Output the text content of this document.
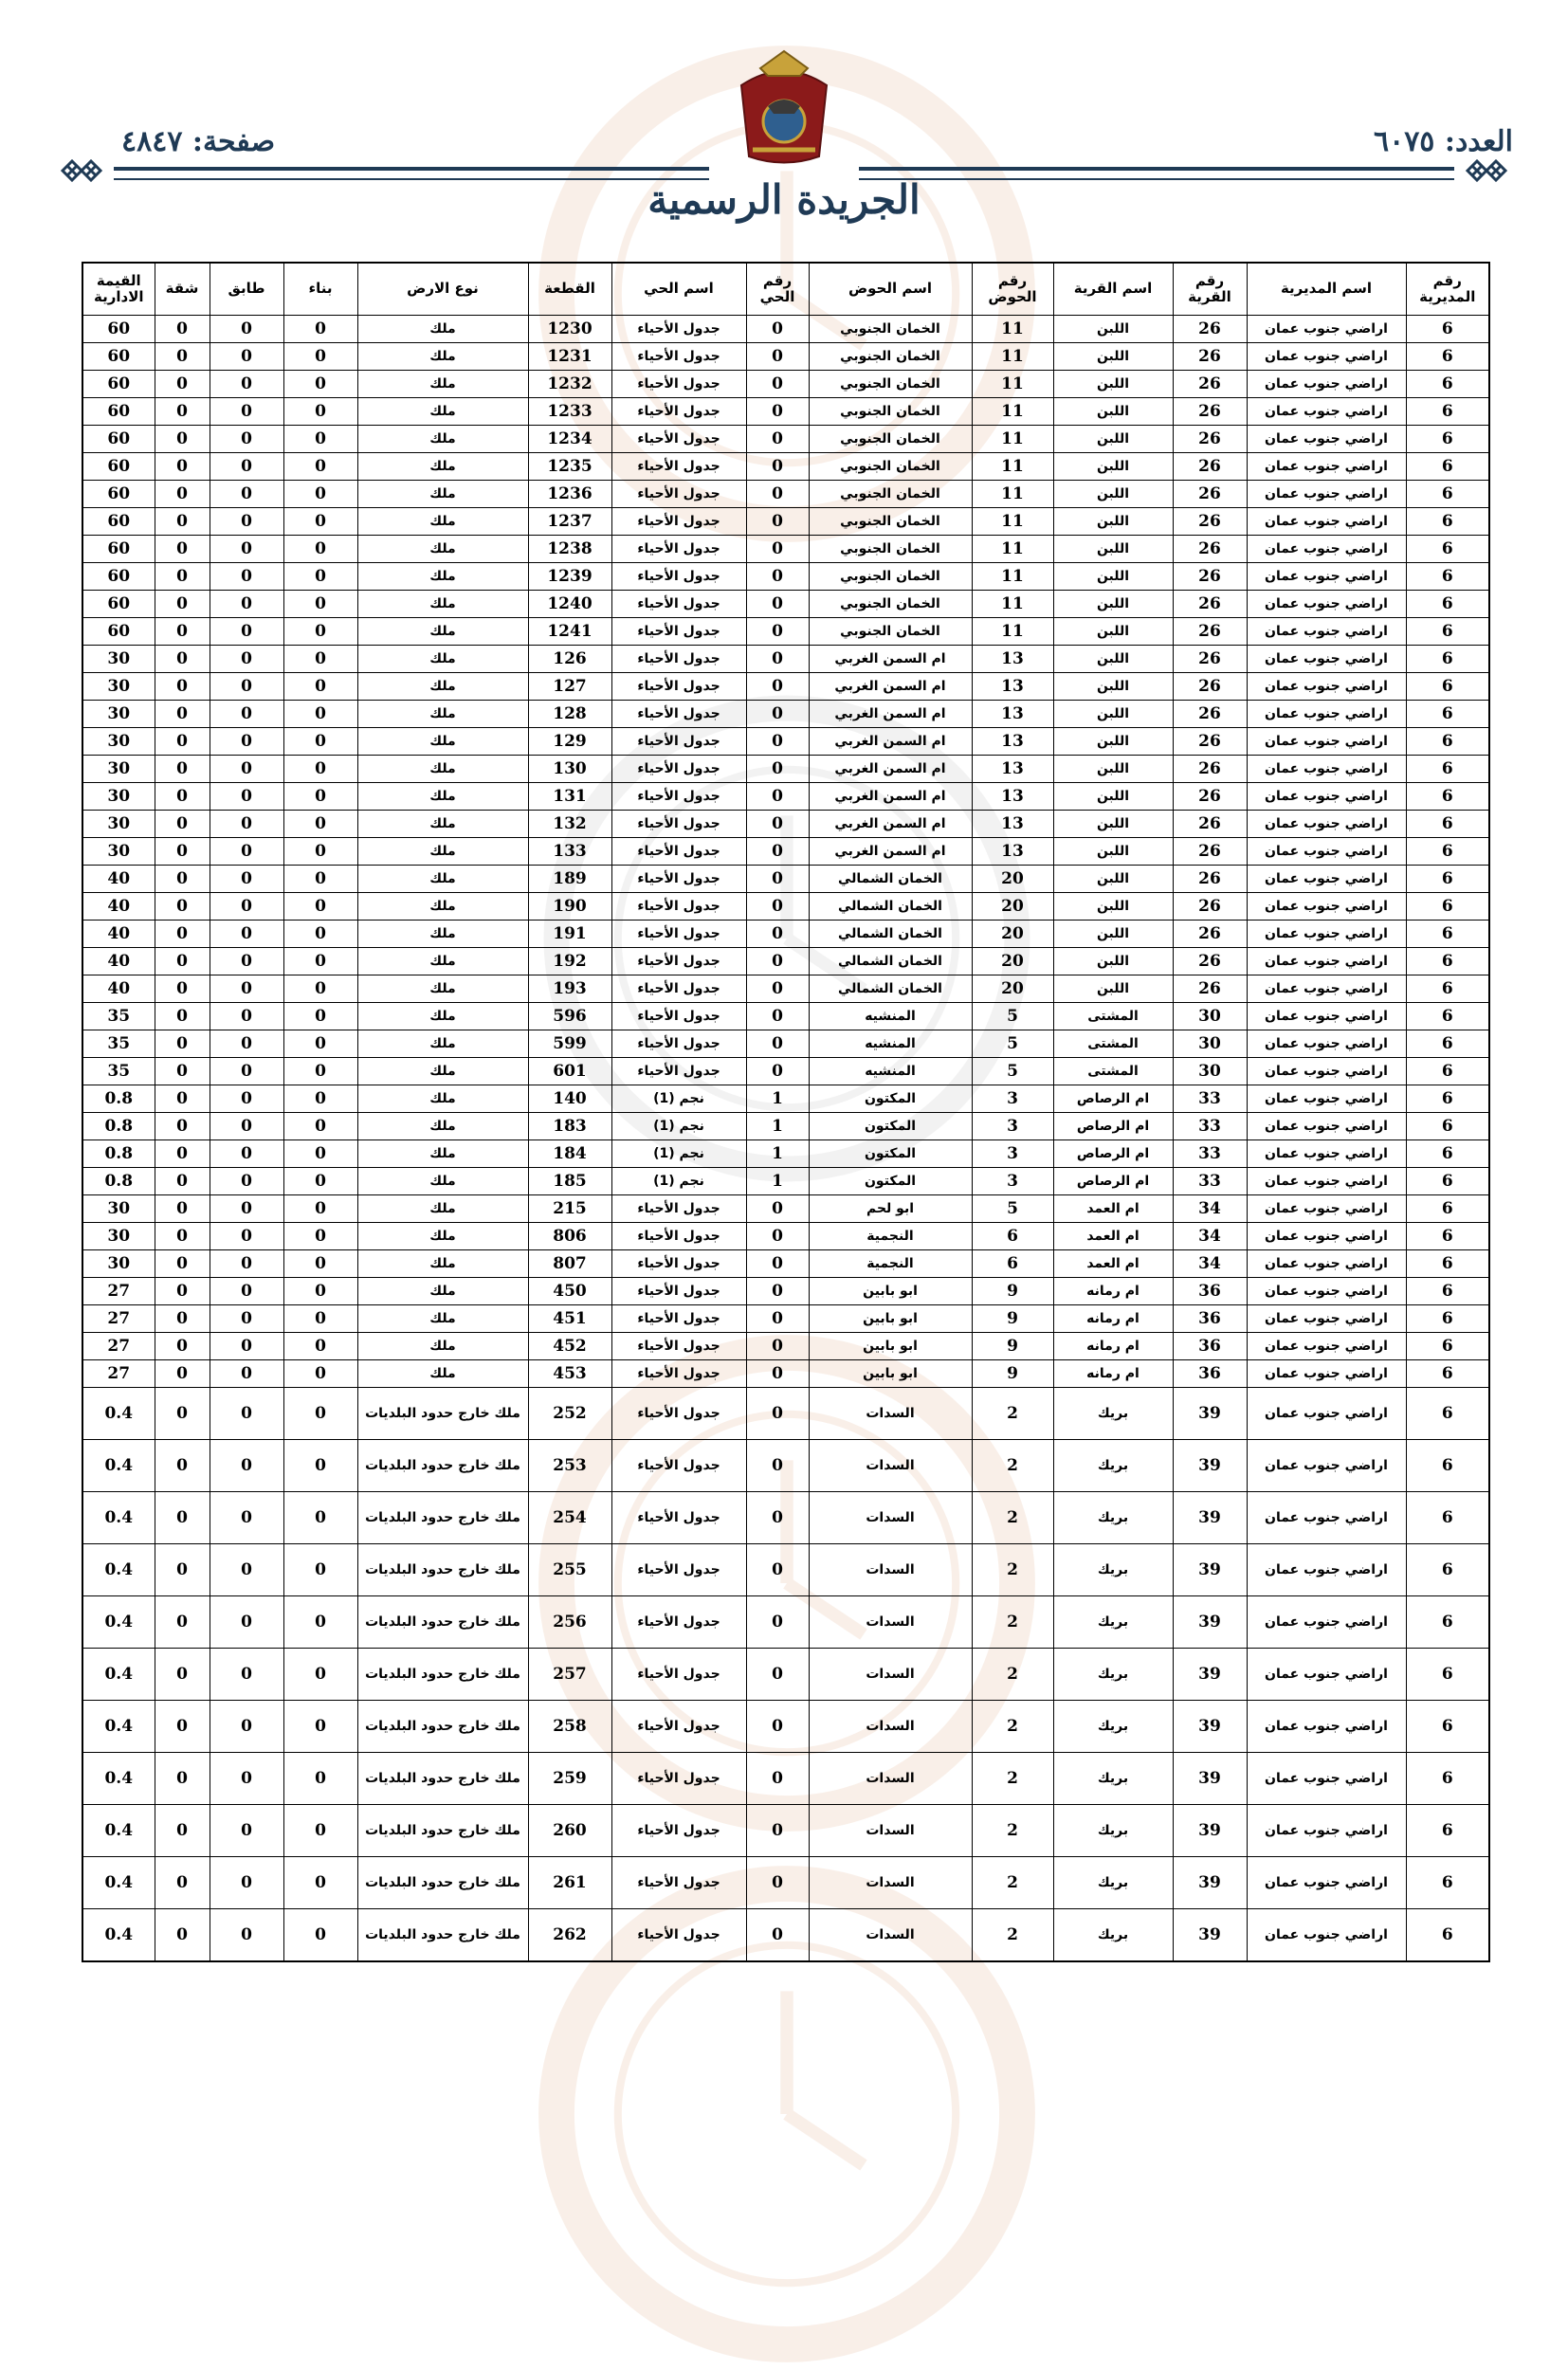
العدد: ٦٠٧٥
صفحة: ٤٨٤٧
الجريدة الرسمية
رقم المديرية	اسم المديرية	رقم القرية	اسم القرية	رقم الحوض	اسم الحوض	رقم الحي	اسم الحي	القطعة	نوع الارض	بناء	طابق	شقة	القيمة الادارية
6	اراضي جنوب عمان	26	اللبن	11	الخمان الجنوبي	0	جدول الأحياء	1230	ملك	0	0	0	60
6	اراضي جنوب عمان	26	اللبن	11	الخمان الجنوبي	0	جدول الأحياء	1231	ملك	0	0	0	60
6	اراضي جنوب عمان	26	اللبن	11	الخمان الجنوبي	0	جدول الأحياء	1232	ملك	0	0	0	60
6	اراضي جنوب عمان	26	اللبن	11	الخمان الجنوبي	0	جدول الأحياء	1233	ملك	0	0	0	60
6	اراضي جنوب عمان	26	اللبن	11	الخمان الجنوبي	0	جدول الأحياء	1234	ملك	0	0	0	60
6	اراضي جنوب عمان	26	اللبن	11	الخمان الجنوبي	0	جدول الأحياء	1235	ملك	0	0	0	60
6	اراضي جنوب عمان	26	اللبن	11	الخمان الجنوبي	0	جدول الأحياء	1236	ملك	0	0	0	60
6	اراضي جنوب عمان	26	اللبن	11	الخمان الجنوبي	0	جدول الأحياء	1237	ملك	0	0	0	60
6	اراضي جنوب عمان	26	اللبن	11	الخمان الجنوبي	0	جدول الأحياء	1238	ملك	0	0	0	60
6	اراضي جنوب عمان	26	اللبن	11	الخمان الجنوبي	0	جدول الأحياء	1239	ملك	0	0	0	60
6	اراضي جنوب عمان	26	اللبن	11	الخمان الجنوبي	0	جدول الأحياء	1240	ملك	0	0	0	60
6	اراضي جنوب عمان	26	اللبن	11	الخمان الجنوبي	0	جدول الأحياء	1241	ملك	0	0	0	60
6	اراضي جنوب عمان	26	اللبن	13	ام السمن الغربي	0	جدول الأحياء	126	ملك	0	0	0	30
6	اراضي جنوب عمان	26	اللبن	13	ام السمن الغربي	0	جدول الأحياء	127	ملك	0	0	0	30
6	اراضي جنوب عمان	26	اللبن	13	ام السمن الغربي	0	جدول الأحياء	128	ملك	0	0	0	30
6	اراضي جنوب عمان	26	اللبن	13	ام السمن الغربي	0	جدول الأحياء	129	ملك	0	0	0	30
6	اراضي جنوب عمان	26	اللبن	13	ام السمن الغربي	0	جدول الأحياء	130	ملك	0	0	0	30
6	اراضي جنوب عمان	26	اللبن	13	ام السمن الغربي	0	جدول الأحياء	131	ملك	0	0	0	30
6	اراضي جنوب عمان	26	اللبن	13	ام السمن الغربي	0	جدول الأحياء	132	ملك	0	0	0	30
6	اراضي جنوب عمان	26	اللبن	13	ام السمن الغربي	0	جدول الأحياء	133	ملك	0	0	0	30
6	اراضي جنوب عمان	26	اللبن	20	الخمان الشمالي	0	جدول الأحياء	189	ملك	0	0	0	40
6	اراضي جنوب عمان	26	اللبن	20	الخمان الشمالي	0	جدول الأحياء	190	ملك	0	0	0	40
6	اراضي جنوب عمان	26	اللبن	20	الخمان الشمالي	0	جدول الأحياء	191	ملك	0	0	0	40
6	اراضي جنوب عمان	26	اللبن	20	الخمان الشمالي	0	جدول الأحياء	192	ملك	0	0	0	40
6	اراضي جنوب عمان	26	اللبن	20	الخمان الشمالي	0	جدول الأحياء	193	ملك	0	0	0	40
6	اراضي جنوب عمان	30	المشتى	5	المنشيه	0	جدول الأحياء	596	ملك	0	0	0	35
6	اراضي جنوب عمان	30	المشتى	5	المنشيه	0	جدول الأحياء	599	ملك	0	0	0	35
6	اراضي جنوب عمان	30	المشتى	5	المنشيه	0	جدول الأحياء	601	ملك	0	0	0	35
6	اراضي جنوب عمان	33	ام الرصاص	3	المكتون	1	نجم (1)	140	ملك	0	0	0	0.8
6	اراضي جنوب عمان	33	ام الرصاص	3	المكتون	1	نجم (1)	183	ملك	0	0	0	0.8
6	اراضي جنوب عمان	33	ام الرصاص	3	المكتون	1	نجم (1)	184	ملك	0	0	0	0.8
6	اراضي جنوب عمان	33	ام الرصاص	3	المكتون	1	نجم (1)	185	ملك	0	0	0	0.8
6	اراضي جنوب عمان	34	ام العمد	5	ابو لحم	0	جدول الأحياء	215	ملك	0	0	0	30
6	اراضي جنوب عمان	34	ام العمد	6	النجمية	0	جدول الأحياء	806	ملك	0	0	0	30
6	اراضي جنوب عمان	34	ام العمد	6	النجمية	0	جدول الأحياء	807	ملك	0	0	0	30
6	اراضي جنوب عمان	36	ام رمانه	9	ابو بابين	0	جدول الأحياء	450	ملك	0	0	0	27
6	اراضي جنوب عمان	36	ام رمانه	9	ابو بابين	0	جدول الأحياء	451	ملك	0	0	0	27
6	اراضي جنوب عمان	36	ام رمانه	9	ابو بابين	0	جدول الأحياء	452	ملك	0	0	0	27
6	اراضي جنوب عمان	36	ام رمانه	9	ابو بابين	0	جدول الأحياء	453	ملك	0	0	0	27
6	اراضي جنوب عمان	39	بريك	2	السدات	0	جدول الأحياء	252	ملك خارج حدود البلديات	0	0	0	0.4
6	اراضي جنوب عمان	39	بريك	2	السدات	0	جدول الأحياء	253	ملك خارج حدود البلديات	0	0	0	0.4
6	اراضي جنوب عمان	39	بريك	2	السدات	0	جدول الأحياء	254	ملك خارج حدود البلديات	0	0	0	0.4
6	اراضي جنوب عمان	39	بريك	2	السدات	0	جدول الأحياء	255	ملك خارج حدود البلديات	0	0	0	0.4
6	اراضي جنوب عمان	39	بريك	2	السدات	0	جدول الأحياء	256	ملك خارج حدود البلديات	0	0	0	0.4
6	اراضي جنوب عمان	39	بريك	2	السدات	0	جدول الأحياء	257	ملك خارج حدود البلديات	0	0	0	0.4
6	اراضي جنوب عمان	39	بريك	2	السدات	0	جدول الأحياء	258	ملك خارج حدود البلديات	0	0	0	0.4
6	اراضي جنوب عمان	39	بريك	2	السدات	0	جدول الأحياء	259	ملك خارج حدود البلديات	0	0	0	0.4
6	اراضي جنوب عمان	39	بريك	2	السدات	0	جدول الأحياء	260	ملك خارج حدود البلديات	0	0	0	0.4
6	اراضي جنوب عمان	39	بريك	2	السدات	0	جدول الأحياء	261	ملك خارج حدود البلديات	0	0	0	0.4
6	اراضي جنوب عمان	39	بريك	2	السدات	0	جدول الأحياء	262	ملك خارج حدود البلديات	0	0	0	0.4
